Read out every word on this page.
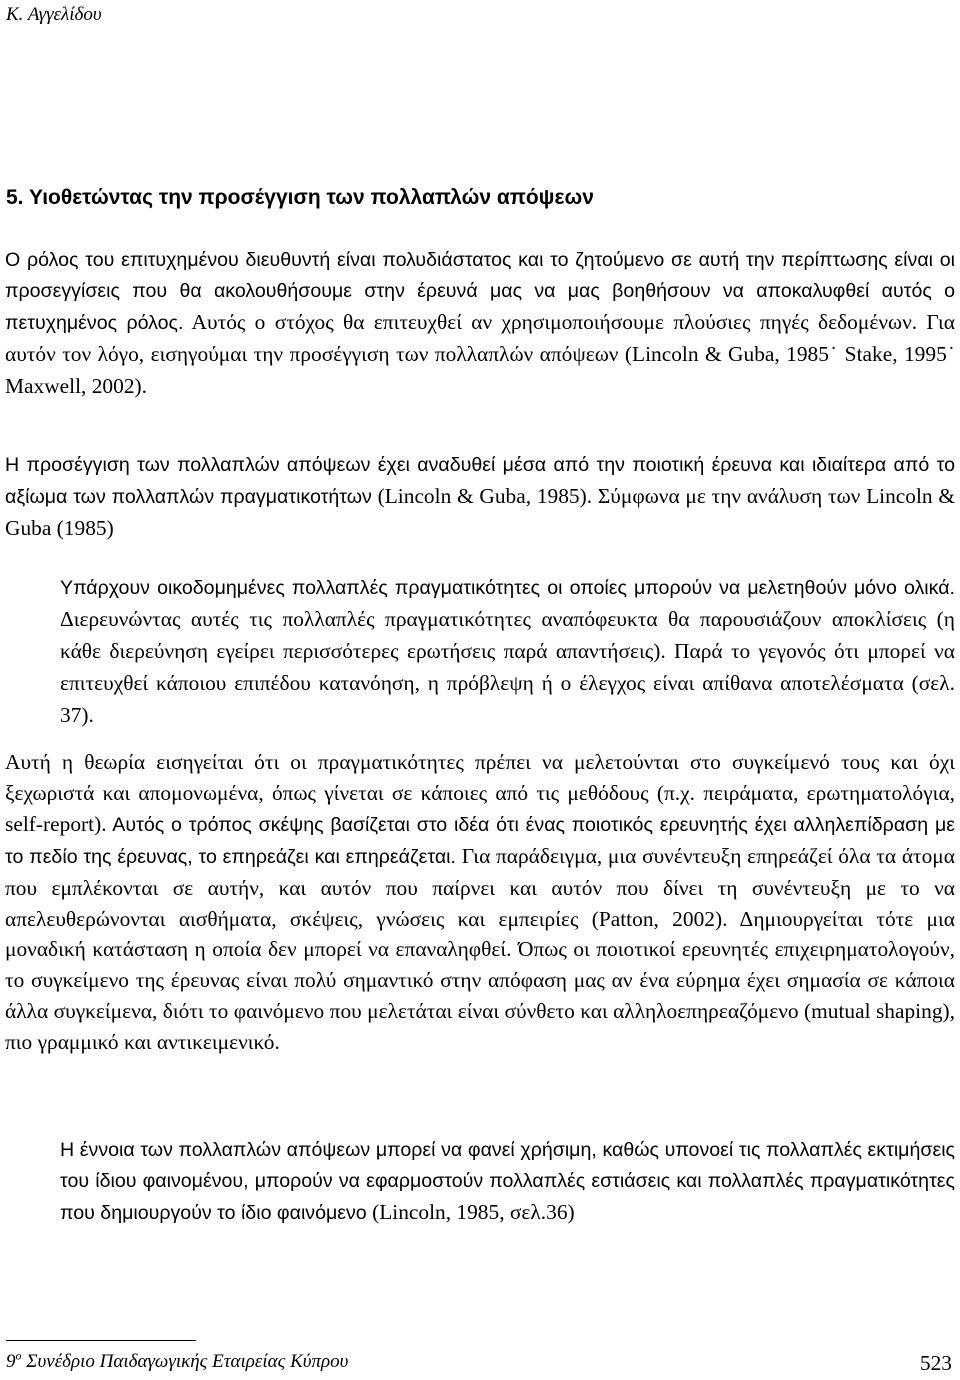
Κ. Αγγελίδου

5. Υιοθετώντας την προσέγγιση των πολλαπλών απόψεων

Ο ρόλος του επιτυχημένου διευθυντή είναι πολυδιάστατος και το ζητούμενο σε αυτή την περίπτωσης είναι οι προσεγγίσεις που θα ακολουθήσουμε στην έρευνά μας να μας βοηθήσουν να αποκαλυφθεί αυτός ο πετυχημένος ρόλος. Αυτός ο στόχος θα επιτευχθεί αν χρησιμοποιήσουμε πλούσιες πηγές δεδομένων. Για αυτόν τον λόγο, εισηγούμαι την προσέγγιση των πολλαπλών απόψεων (Lincoln & Guba, 1985˙ Stake, 1995˙ Maxwell, 2002).

Η προσέγγιση των πολλαπλών απόψεων έχει αναδυθεί μέσα από την ποιοτική έρευνα και ιδιαίτερα από το αξίωμα των πολλαπλών πραγματικοτήτων (Lincoln & Guba, 1985). Σύμφωνα με την ανάλυση των Lincoln & Guba (1985)

Υπάρχουν οικοδομημένες πολλαπλές πραγματικότητες οι οποίες μπορούν να μελετηθούν μόνο ολικά. Διερευνώντας αυτές τις πολλαπλές πραγματικότητες αναπόφευκτα θα παρουσιάζουν αποκλίσεις (η κάθε διερεύνηση εγείρει περισσότερες ερωτήσεις παρά απαντήσεις). Παρά το γεγονός ότι μπορεί να επιτευχθεί κάποιου επιπέδου κατανόηση, η πρόβλεψη ή ο έλεγχος είναι απίθανα αποτελέσματα (σελ. 37).

Αυτή η θεωρία εισηγείται ότι οι πραγματικότητες πρέπει να μελετούνται στο συγκείμενό τους και όχι ξεχωριστά και απομονωμένα, όπως γίνεται σε κάποιες από τις μεθόδους (π.χ. πειράματα, ερωτηματολόγια, self-report). Αυτός ο τρόπος σκέψης βασίζεται στο ιδέα ότι ένας ποιοτικός ερευνητής έχει αλληλεπίδραση με το πεδίο της έρευνας, το επηρεάζει και επηρεάζεται. Για παράδειγμα, μια συνέντευξη επηρεάζεί όλα τα άτομα που εμπλέκονται σε αυτήν, και αυτόν που παίρνει και αυτόν που δίνει τη συνέντευξη με το να απελευθερώνονται αισθήματα, σκέψεις, γνώσεις και εμπειρίες (Patton, 2002). Δημιουργείται τότε μια μοναδική κατάσταση η οποία δεν μπορεί να επαναληφθεί. Όπως οι ποιοτικοί ερευνητές επιχειρηματολογούν, το συγκείμενο της έρευνας είναι πολύ σημαντικό στην απόφαση μας αν ένα εύρημα έχει σημασία σε κάποια άλλα συγκείμενα, διότι το φαινόμενο που μελετάται είναι σύνθετο και αλληλοεπηρεαζόμενο (mutual shaping), πιο γραμμικό και αντικειμενικό.

Η έννοια των πολλαπλών απόψεων μπορεί να φανεί χρήσιμη, καθώς υπονοεί τις πολλαπλές εκτιμήσεις του ίδιου φαινομένου, μπορούν να εφαρμοστούν πολλαπλές εστιάσεις και πολλαπλές πραγματικότητες που δημιουργούν το ίδιο φαινόμενο (Lincoln, 1985, σελ.36)

$9^o$ Συνέδριο Παιδαγωγικής Εταιρείας Κύπρου	523
